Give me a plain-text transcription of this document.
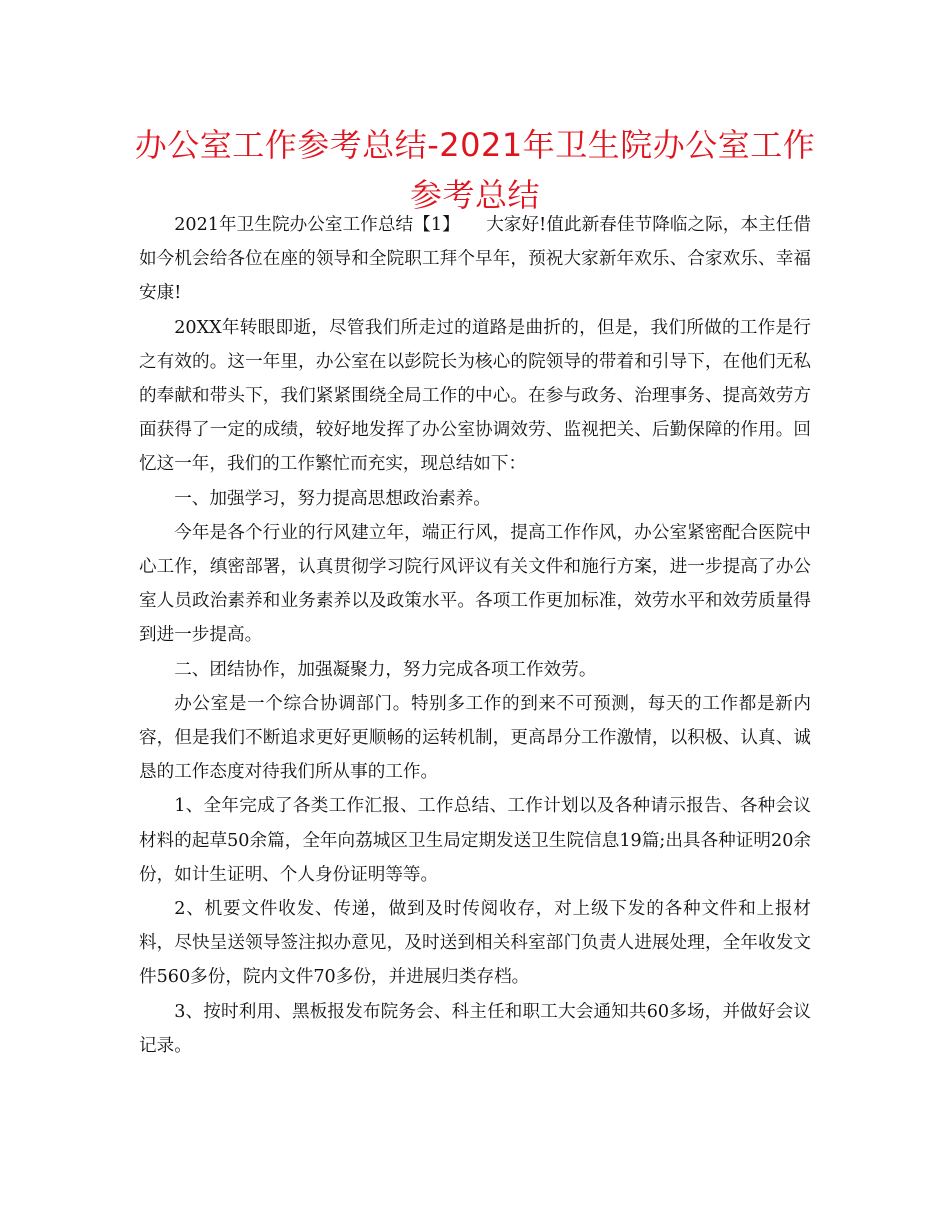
办公室工作参考总结-2021年卫生院办公室工作参考总结

2021年卫生院办公室工作总结【1】　　大家好!值此新春佳节降临之际，本主任借如今机会给各位在座的领导和全院职工拜个早年，预祝大家新年欢乐、合家欢乐、幸福安康!

20XX年转眼即逝，尽管我们所走过的道路是曲折的，但是，我们所做的工作是行之有效的。这一年里，办公室在以彭院长为核心的院领导的带着和引导下，在他们无私的奉献和带头下，我们紧紧围绕全局工作的中心。在参与政务、治理事务、提高效劳方面获得了一定的成绩，较好地发挥了办公室协调效劳、监视把关、后勤保障的作用。回忆这一年，我们的工作繁忙而充实，现总结如下：

一、加强学习，努力提高思想政治素养。

今年是各个行业的行风建立年，端正行风，提高工作作风，办公室紧密配合医院中心工作，缜密部署，认真贯彻学习院行风评议有关文件和施行方案，进一步提高了办公室人员政治素养和业务素养以及政策水平。各项工作更加标准，效劳水平和效劳质量得到进一步提高。

二、团结协作，加强凝聚力，努力完成各项工作效劳。

办公室是一个综合协调部门。特别多工作的到来不可预测，每天的工作都是新内容，但是我们不断追求更好更顺畅的运转机制，更高昂分工作激情，以积极、认真、诚恳的工作态度对待我们所从事的工作。

1、全年完成了各类工作汇报、工作总结、工作计划以及各种请示报告、各种会议材料的起草50余篇，全年向荔城区卫生局定期发送卫生院信息19篇;出具各种证明20余份，如计生证明、个人身份证明等等。

2、机要文件收发、传递，做到及时传阅收存，对上级下发的各种文件和上报材料，尽快呈送领导签注拟办意见，及时送到相关科室部门负责人进展处理，全年收发文件560多份，院内文件70多份，并进展归类存档。

3、按时利用、黑板报发布院务会、科主任和职工大会通知共60多场，并做好会议记录。
